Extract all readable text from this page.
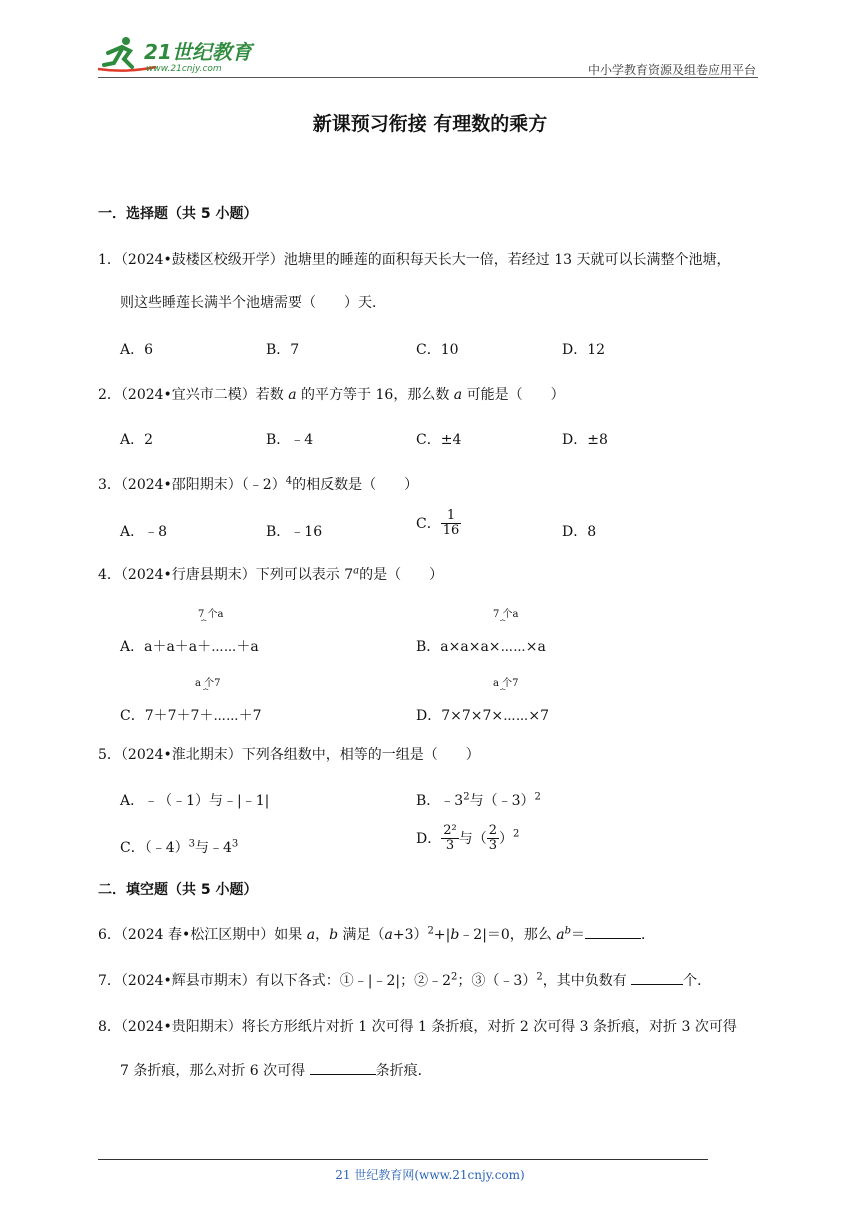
21世纪教育
www.21cnjy.com	中小学教育资源及组卷应用平台
新课预习衔接 有理数的乘方
一．选择题（共 5 小题）
1．（2024•鼓楼区校级开学）池塘里的睡莲的面积每天长大一倍，若经过 13 天就可以长满整个池塘，
则这些睡莲长满半个池塘需要（　　）天．
A．6	B．7	C．10	D．12
2．（2024•宜兴市二模）若数 a 的平方等于 16，那么数 a 可能是（　　）
A．2	B．﹣4	C．±4	D．±8
3．（2024•邵阳期末）（﹣2）$^4$的相反数是（　　）
A．﹣8	B．﹣16	C． $\frac{1}{16}$	D．8
4．（2024•行唐县期末）下列可以表示 7$^a$的是（　　）
7 个a
⏞
A．a＋a＋a＋⋯⋯＋a
7 个a
⏞
B．a×a×a×⋯⋯×a
a 个7
⏞
C．7＋7＋7＋⋯⋯＋7
a 个7
⏞
D．7×7×7×⋯⋯×7
5．（2024•淮北期末）下列各组数中，相等的一组是（　　）
A．﹣（﹣1）与﹣|﹣1|	B．$﹣3^2$与（﹣3）$^2$
C．（﹣4）$^3$与$﹣4^3$	D． $\frac{\text{2²}}{3}$ 与（ $\frac{2}{3} )^2$
二．填空题（共 5 小题）
6．（2024 春•松江区期中）如果 a，b 满足$(a+3)^2+|b﹣2|=0$，那么 $a^b=$	．
7．（2024•辉县市期末）有以下各式：①﹣|﹣2|；$②﹣2^2$；③（﹣3）$^2$，其中负数有	个．
8．（2024•贵阳期末）将长方形纸片对折 1 次可得 1 条折痕，对折 2 次可得 3 条折痕，对折 3 次可得
7 条折痕，那么对折 6 次可得	条折痕．
21 世纪教育网(www.21cnjy.com)
